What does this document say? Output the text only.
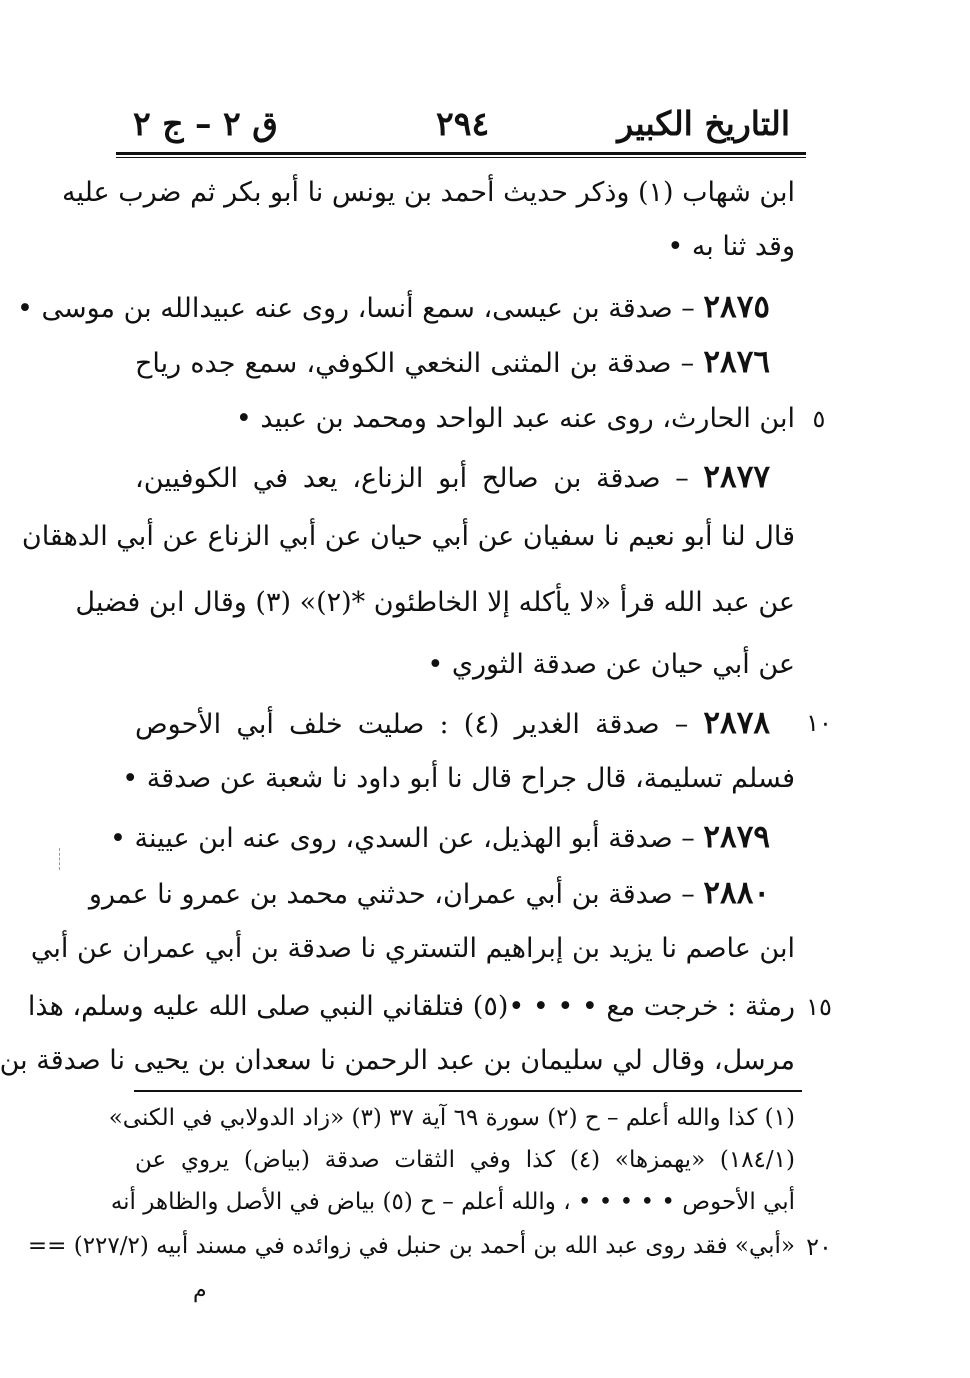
التاريخ الكبير
٢٩٤
ق ٢ – ج ٢
ابن شهاب (١) وذكر حديث أحمد بن يونس نا أبو بكر ثم ضرب عليه
وقد ثنا به •
٢٨٧٥ – صدقة بن عيسى، سمع أنسا، روى عنه عبيدالله بن موسى •
٢٨٧٦ – صدقة بن المثنى النخعي الكوفي، سمع جده رياح
ابن الحارث، روى عنه عبد الواحد ومحمد بن عبيد •
٢٨٧٧ – صدقة بن صالح أبو الزناع، يعد في الكوفيين،
قال لنا أبو نعيم نا سفيان عن أبي حيان عن أبي الزناع عن أبي الدهقان
عن عبد الله قرأ «لا يأكله إلا الخاطئون *(٢)» (٣) وقال ابن فضيل
عن أبي حيان عن صدقة الثوري •
٢٨٧٨ – صدقة الغدير (٤) : صليت خلف أبي الأحوص
فسلم تسليمة، قال جراح قال نا أبو داود نا شعبة عن صدقة •
٢٨٧٩ – صدقة أبو الهذيل، عن السدي، روى عنه ابن عيينة •
٢٨٨٠ – صدقة بن أبي عمران، حدثني محمد بن عمرو نا عمرو
ابن عاصم نا يزيد بن إبراهيم التستري نا صدقة بن أبي عمران عن أبي
رمثة : خرجت مع • • • •(٥) فتلقاني النبي صلى الله عليه وسلم، هذا
مرسل، وقال لي سليمان بن عبد الرحمن نا سعدان بن يحيى نا صدقة بن
٥
١٠
١٥
٢٠
(١) كذا والله أعلم – ح (٢) سورة ٦٩ آية ٣٧ (٣) «زاد الدولابي في الكنى»
(١٨٤/١) «يهمزها» (٤) كذا وفي الثقات صدقة (بياض) يروي عن
أبي الأحوص • • • • • ، والله أعلم – ح (٥) بياض في الأصل والظاهر أنه
«أبي» فقد روى عبد الله بن أحمد بن حنبل في زوائده في مسند أبيه (٢٢٧/٢) ==
م
